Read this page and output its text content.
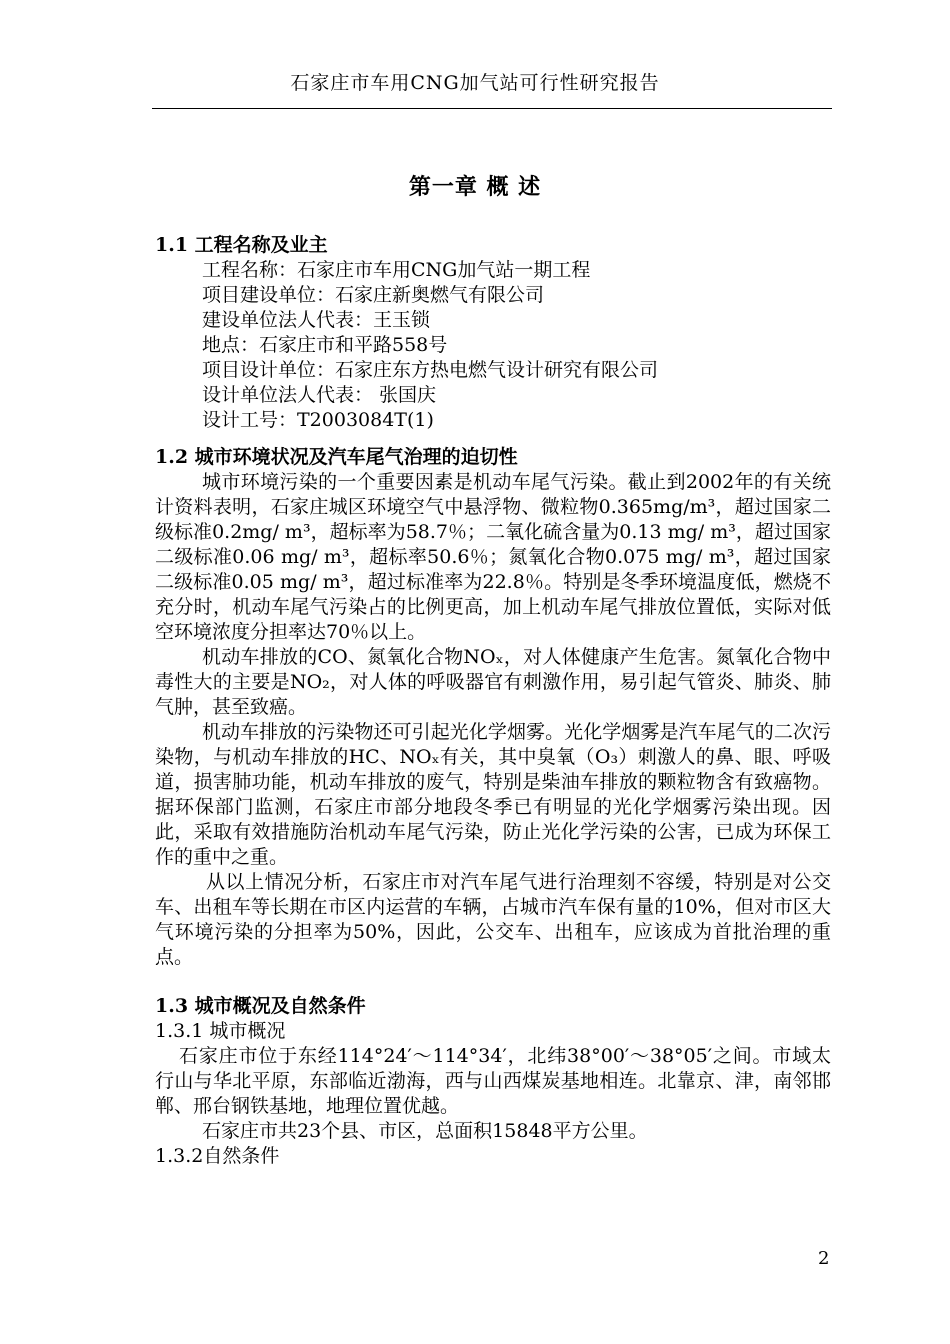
石家庄市车用CNG加气站可行性研究报告
第一章 概 述

1.1 工程名称及业主

工程名称：石家庄市车用CNG加气站一期工程

项目建设单位：石家庄新奥燃气有限公司

建设单位法人代表：王玉锁

地点：石家庄市和平路558号

项目设计单位：石家庄东方热电燃气设计研究有限公司

设计单位法人代表： 张国庆

设计工号：T2003084T(1)

1.2 城市环境状况及汽车尾气治理的迫切性

城市环境污染的一个重要因素是机动车尾气污染。截止到2002年的有关统计资料表明，石家庄城区环境空气中悬浮物、微粒物0.365mg/m³，超过国家二级标准0.2mg/ m³，超标率为58.7％；二氧化硫含量为0.13 mg/ m³，超过国家二级标准0.06 mg/ m³，超标率50.6％；氮氧化合物0.075 mg/ m³，超过国家二级标准0.05 mg/ m³，超过标准率为22.8％。特别是冬季环境温度低，燃烧不充分时，机动车尾气污染占的比例更高，加上机动车尾气排放位置低，实际对低空环境浓度分担率达70％以上。

机动车排放的CO、氮氧化合物NOₓ，对人体健康产生危害。氮氧化合物中毒性大的主要是NO₂，对人体的呼吸器官有刺激作用，易引起气管炎、肺炎、肺气肿，甚至致癌。

机动车排放的污染物还可引起光化学烟雾。光化学烟雾是汽车尾气的二次污染物，与机动车排放的HC、NOₓ有关，其中臭氧（O₃）刺激人的鼻、眼、呼吸道，损害肺功能，机动车排放的废气，特别是柴油车排放的颗粒物含有致癌物。据环保部门监测，石家庄市部分地段冬季已有明显的光化学烟雾污染出现。因此，采取有效措施防治机动车尾气污染，防止光化学污染的公害，已成为环保工作的重中之重。

从以上情况分析，石家庄市对汽车尾气进行治理刻不容缓，特别是对公交车、出租车等长期在市区内运营的车辆，占城市汽车保有量的10%，但对市区大气环境污染的分担率为50%，因此，公交车、出租车，应该成为首批治理的重点。

1.3 城市概况及自然条件

1.3.1 城市概况

石家庄市位于东经114°24′～114°34′，北纬38°00′～38°05′之间。市域太行山与华北平原，东部临近渤海，西与山西煤炭基地相连。北靠京、津，南邻邯郸、邢台钢铁基地，地理位置优越。

石家庄市共23个县、市区，总面积15848平方公里。

1.3.2自然条件

2
